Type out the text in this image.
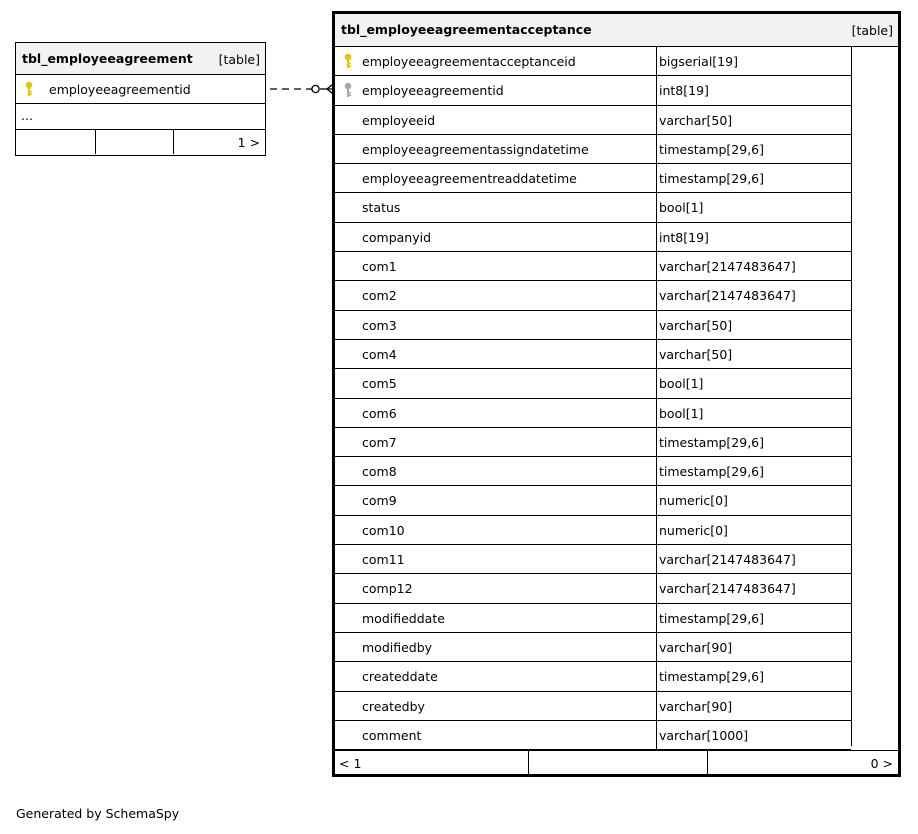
tbl_employeeagreement [table]
employeeagreementid
...
1 >
tbl_employeeagreementacceptance	[table]
employeeagreementacceptanceid	bigserial[19]
employeeagreementid	int8[19]
employeeid	varchar[50]
employeeagreementassigndatetime	timestamp[29,6]
employeeagreementreaddatetime	timestamp[29,6]
status	bool[1]
companyid	int8[19]
com1	varchar[2147483647]
com2	varchar[2147483647]
com3	varchar[50]
com4	varchar[50]
com5	bool[1]
com6	bool[1]
com7	timestamp[29,6]
com8	timestamp[29,6]
com9	numeric[0]
com10	numeric[0]
com11	varchar[2147483647]
comp12	varchar[2147483647]
modifieddate	timestamp[29,6]
modifiedby	varchar[90]
createddate	timestamp[29,6]
createdby	varchar[90]
comment	varchar[1000]
< 1	0 >
Generated by SchemaSpy
